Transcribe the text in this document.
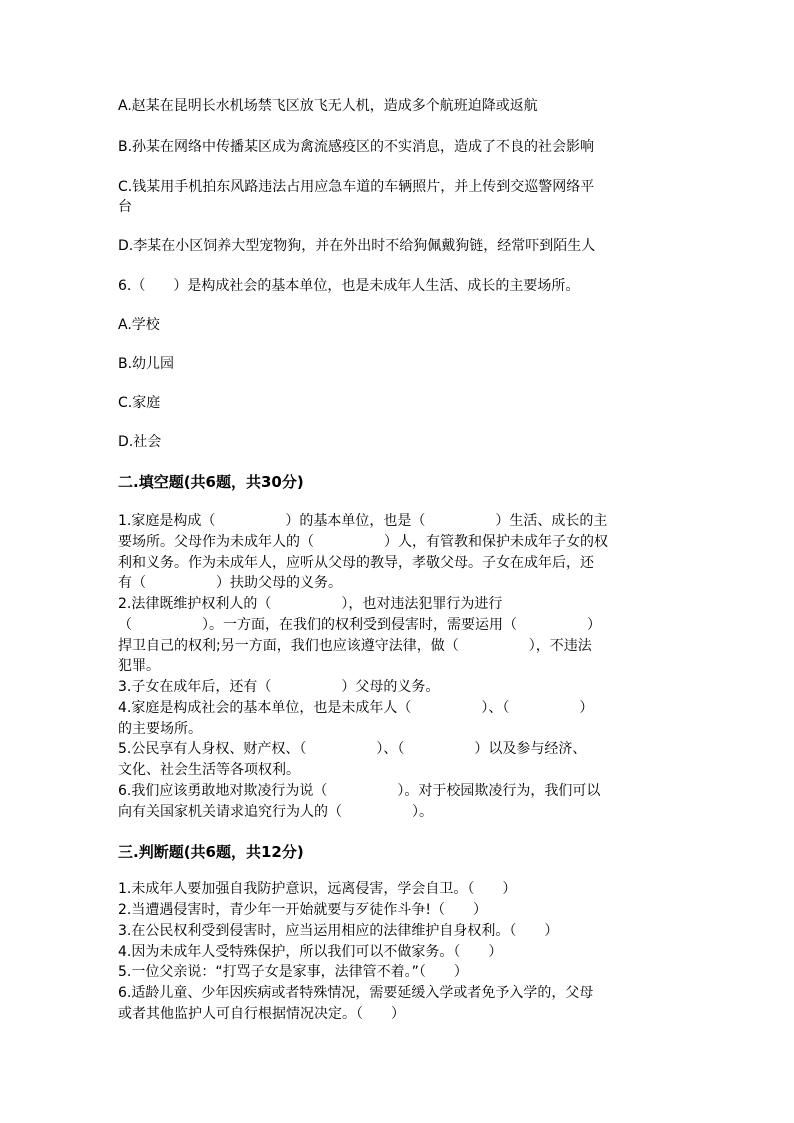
A.赵某在昆明长水机场禁飞区放飞无人机，造成多个航班迫降或返航
B.孙某在网络中传播某区成为禽流感疫区的不实消息，造成了不良的社会影响
C.钱某用手机拍东风路违法占用应急车道的车辆照片，并上传到交巡警网络平
台
D.李某在小区饲养大型宠物狗，并在外出时不给狗佩戴狗链，经常吓到陌生人
6.（　　）是构成社会的基本单位，也是未成年人生活、成长的主要场所。
A.学校
B.幼儿园
C.家庭
D.社会
二.填空题(共6题，共30分)
1.家庭是构成（　　　　　）的基本单位，也是（　　　　　）生活、成长的主
要场所。父母作为未成年人的（　　　　　）人，有管教和保护未成年子女的权
利和义务。作为未成年人，应听从父母的教导，孝敬父母。子女在成年后，还
有（　　　　　）扶助父母的义务。
2.法律既维护权利人的（　　　　　），也对违法犯罪行为进行
（　　　　　）。一方面，在我们的权利受到侵害时，需要运用（　　　　　）
捍卫自己的权利;另一方面，我们也应该遵守法律，做（　　　　　），不违法
犯罪。
3.子女在成年后，还有（　　　　　）父母的义务。
4.家庭是构成社会的基本单位，也是未成年人（　　　　　）、（　　　　　）
的主要场所。
5.公民享有人身权、财产权、（　　　　　）、（　　　　　）以及参与经济、
文化、社会生活等各项权利。
6.我们应该勇敢地对欺凌行为说（　　　　　）。对于校园欺凌行为，我们可以
向有关国家机关请求追究行为人的（　　　　　）。
三.判断题(共6题，共12分)
1.未成年人要加强自我防护意识，远离侵害，学会自卫。（　　）
2.当遭遇侵害时，青少年一开始就要与歹徒作斗争!（　　）
3.在公民权利受到侵害时，应当运用相应的法律维护自身权利。（　　）
4.因为未成年人受特殊保护，所以我们可以不做家务。（　　）
5.一位父亲说：“打骂子女是家事，法律管不着。”（　　）
6.适龄儿童、少年因疾病或者特殊情况，需要延缓入学或者免予入学的，父母
或者其他监护人可自行根据情况决定。（　　）
